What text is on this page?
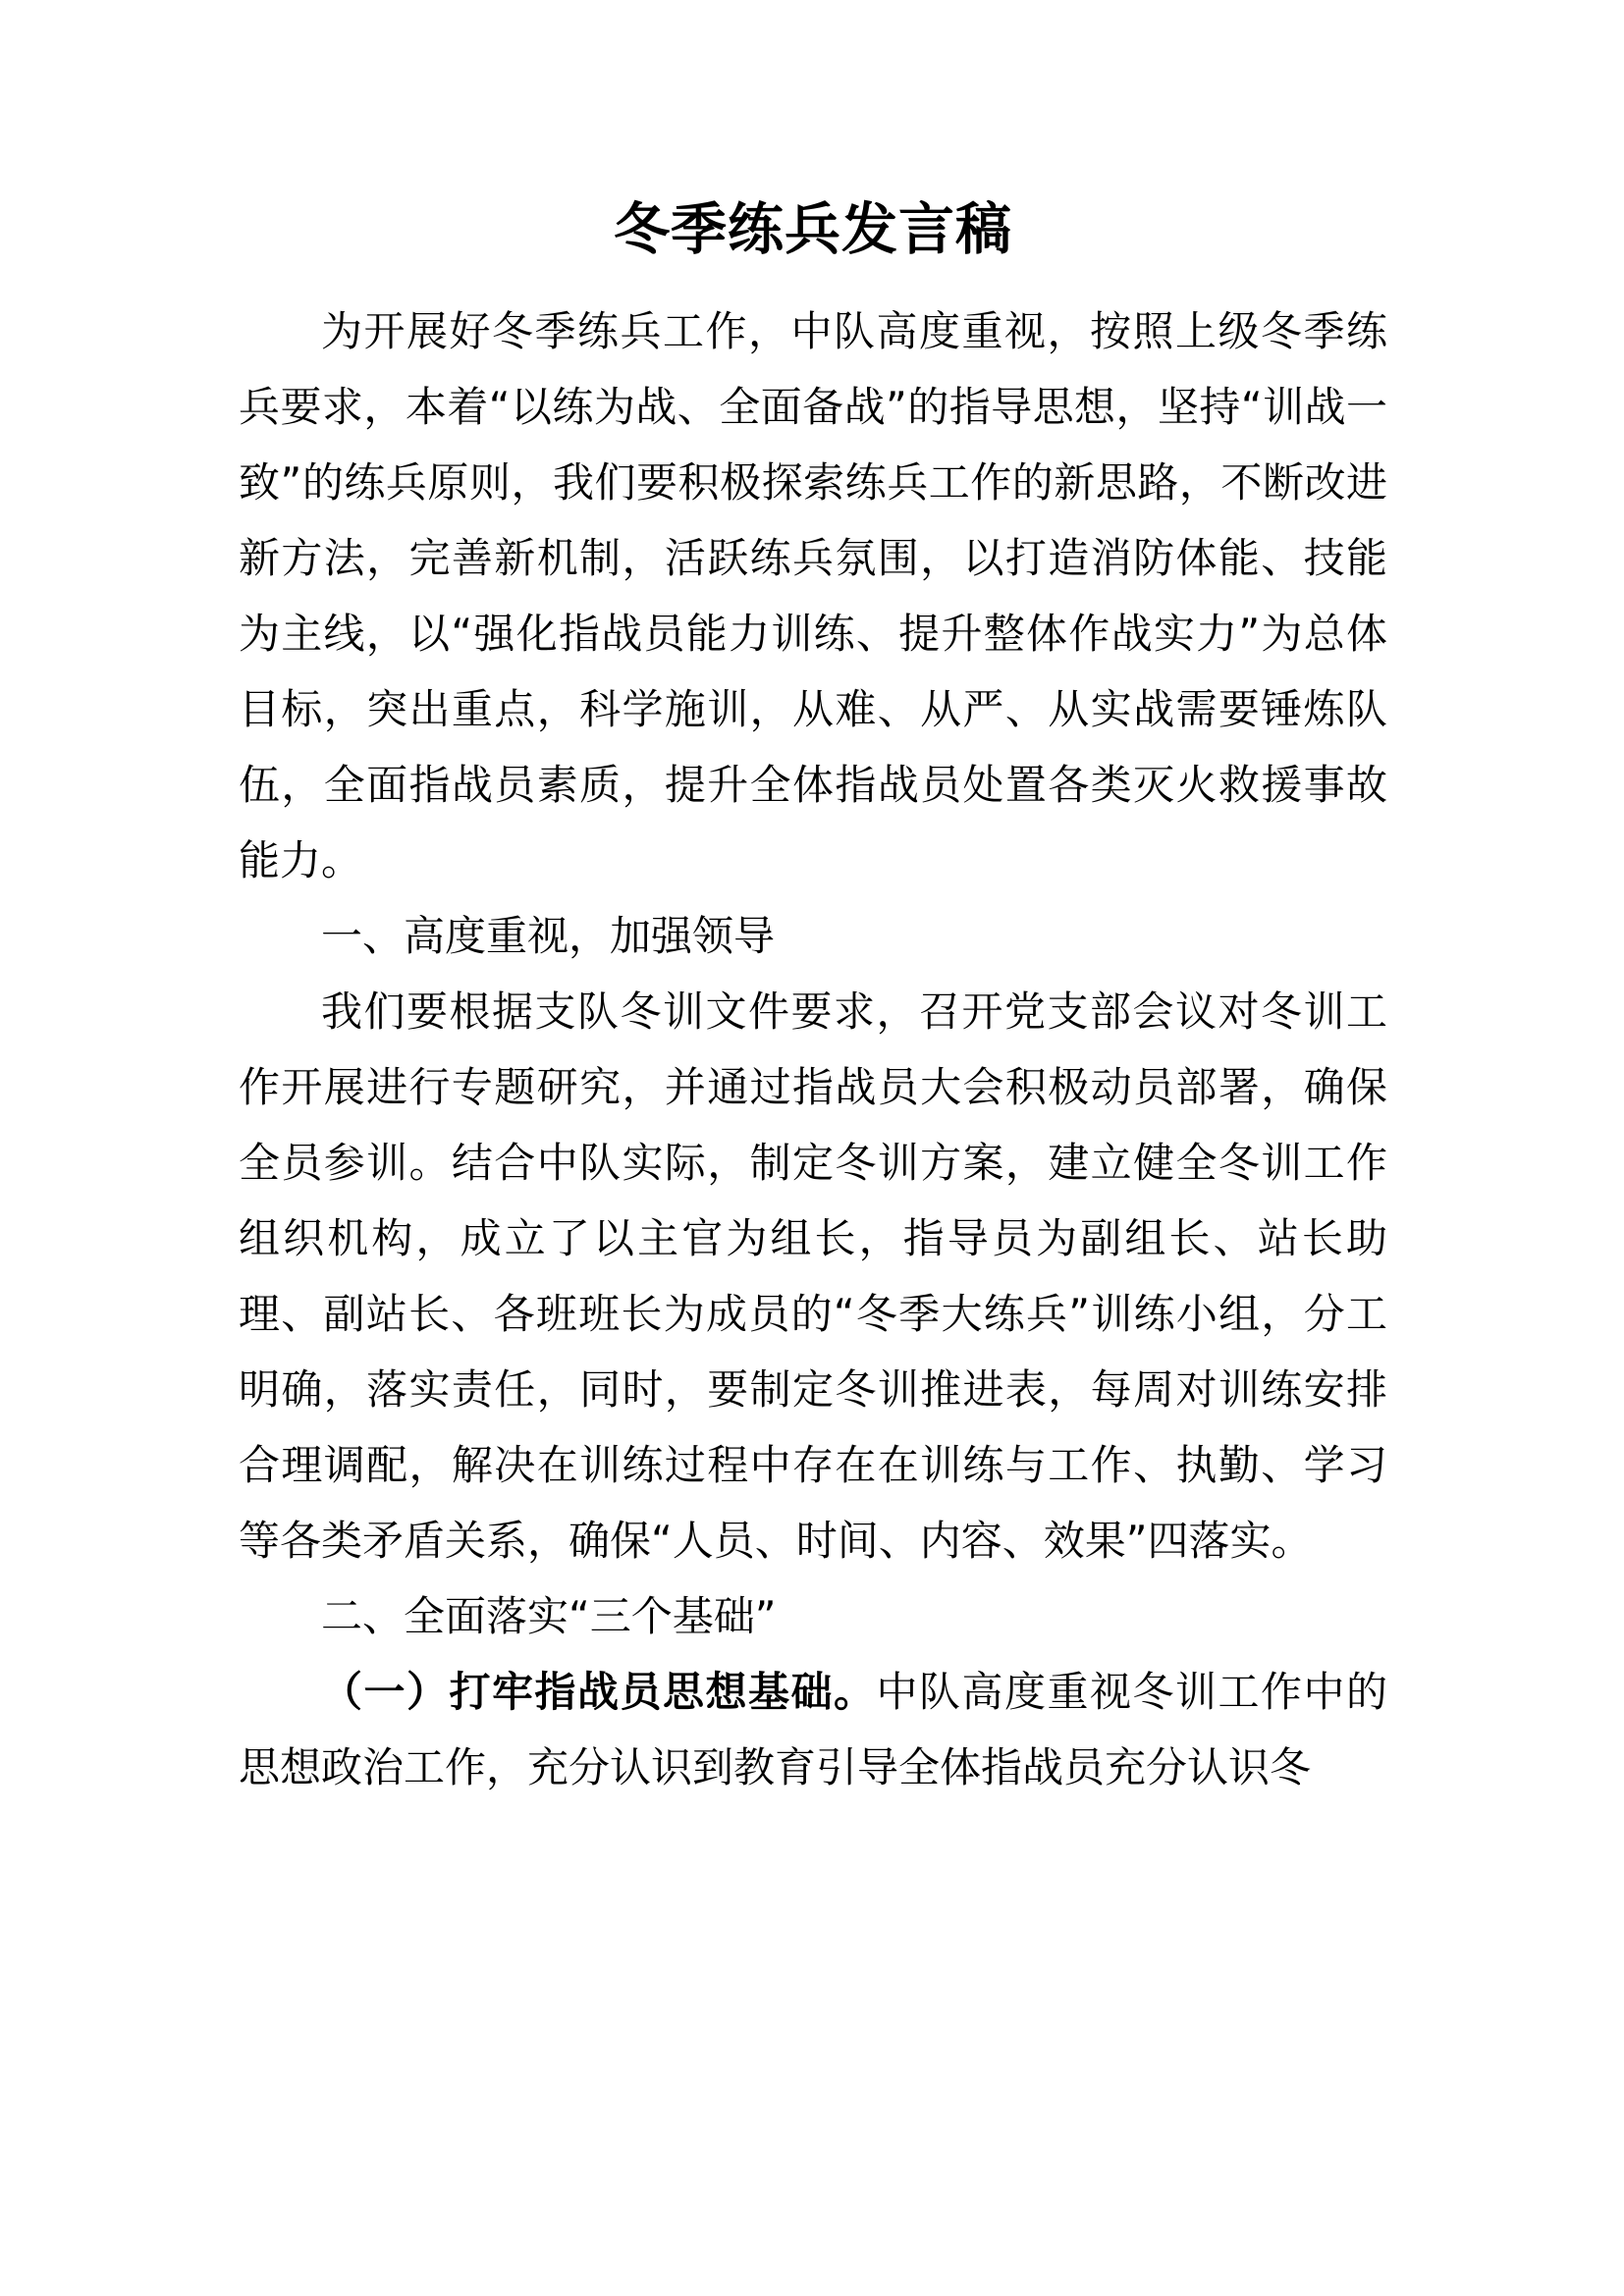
冬季练兵发言稿

为开展好冬季练兵工作，中队高度重视，按照上级冬季练兵要求，本着“以练为战、全面备战”的指导思想，坚持“训战一致”的练兵原则，我们要积极探索练兵工作的新思路，不断改进新方法，完善新机制，活跃练兵氛围，以打造消防体能、技能为主线，以“强化指战员能力训练、提升整体作战实力”为总体目标，突出重点，科学施训，从难、从严、从实战需要锤炼队伍，全面指战员素质，提升全体指战员处置各类灭火救援事故能力。

一、高度重视，加强领导

我们要根据支队冬训文件要求，召开党支部会议对冬训工作开展进行专题研究，并通过指战员大会积极动员部署，确保全员参训。结合中队实际，制定冬训方案，建立健全冬训工作组织机构，成立了以主官为组长，指导员为副组长、站长助理、副站长、各班班长为成员的“冬季大练兵”训练小组，分工明确，落实责任，同时，要制定冬训推进表，每周对训练安排合理调配，解决在训练过程中存在在训练与工作、执勤、学习等各类矛盾关系，确保“人员、时间、内容、效果”四落实。

二、全面落实“三个基础”

（一）打牢指战员思想基础。中队高度重视冬训工作中的思想政治工作，充分认识到教育引导全体指战员充分认识冬
